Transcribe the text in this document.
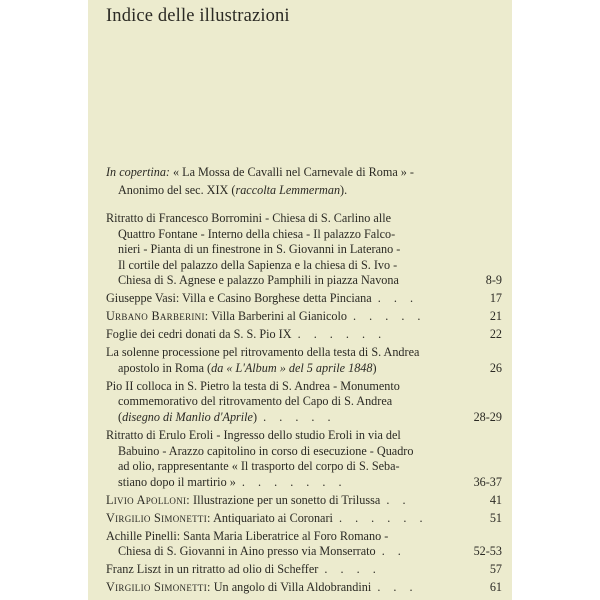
Indice delle illustrazioni
In copertina: « La Mossa de Cavalli nel Carnevale di Roma » -
Anonimo del sec. XIX (raccolta Lemmerman).
Ritratto di Francesco Borromini - Chiesa di S. Carlino alle
Quattro Fontane - Interno della chiesa - Il palazzo Falco-
nieri - Pianta di un finestrone in S. Giovanni in Laterano -
Il cortile del palazzo della Sapienza e la chiesa di S. Ivo -
Chiesa di S. Agnese e palazzo Pamphili in piazza Navona	8-9
Giuseppe Vasi: Villa e Casino Borghese detta Pinciana . . .	17
Urbano Barberini: Villa Barberini al Gianicolo . . . . .	21
Foglie dei cedri donati da S. S. Pio IX . . . . . .	22
La solenne processione pel ritrovamento della testa di S. Andrea
apostolo in Roma (da « L'Album » del 5 aprile 1848)	26
Pio II colloca in S. Pietro la testa di S. Andrea - Monumento
commemorativo del ritrovamento del Capo di S. Andrea
(disegno di Manlio d'Aprile) . . . . .	28-29
Ritratto di Erulo Eroli - Ingresso dello studio Eroli in via del
Babuino - Arazzo capitolino in corso di esecuzione - Quadro
ad olio, rappresentante « Il trasporto del corpo di S. Seba-
stiano dopo il martirio » . . . . . . .	36-37
Livio Apolloni: Illustrazione per un sonetto di Trilussa . .	41
Virgilio Simonetti: Antiquariato ai Coronari . . . . . .	51
Achille Pinelli: Santa Maria Liberatrice al Foro Romano -
Chiesa di S. Giovanni in Aino presso via Monserrato . .	52-53
Franz Liszt in un ritratto ad olio di Scheffer . . . .	57
Virgilio Simonetti: Un angolo di Villa Aldobrandini . . .	61
